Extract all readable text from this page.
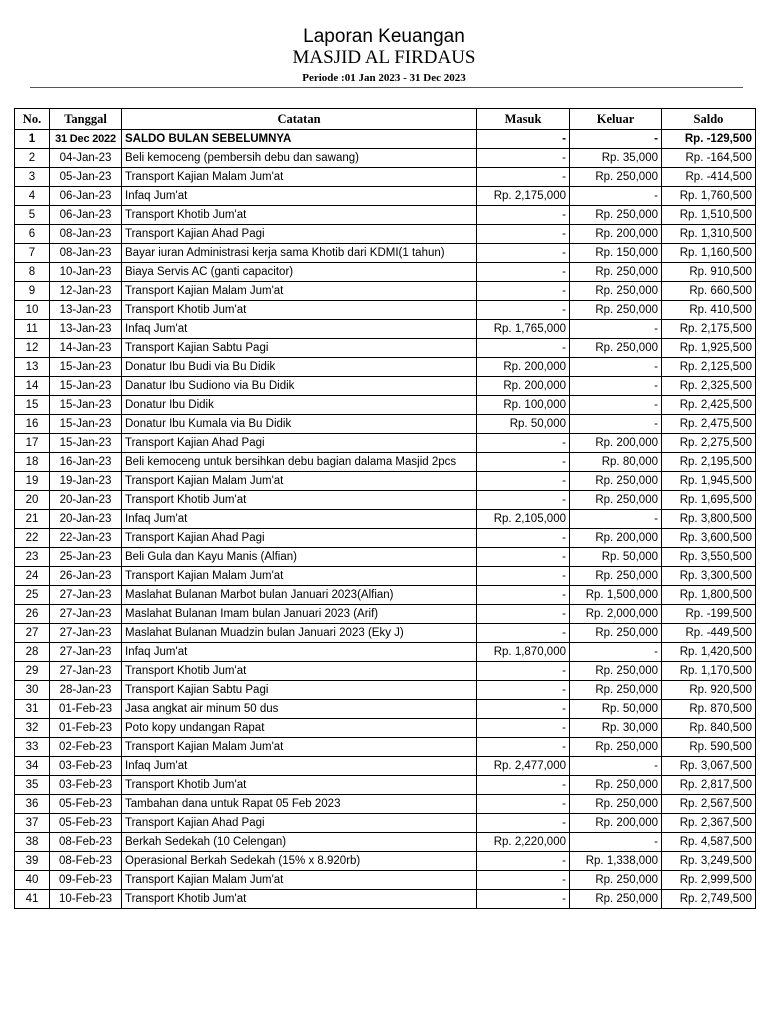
Laporan Keuangan
MASJID AL FIRDAUS
Periode :01 Jan 2023 - 31 Dec 2023
No.	Tanggal	Catatan	Masuk	Keluar	Saldo
1	31 Dec 2022	SALDO BULAN SEBELUMNYA	-	-	Rp. -129,500
2	04-Jan-23	Beli kemoceng (pembersih debu dan sawang)	-	Rp. 35,000	Rp. -164,500
3	05-Jan-23	Transport Kajian Malam Jum'at	-	Rp. 250,000	Rp. -414,500
4	06-Jan-23	Infaq Jum'at	Rp. 2,175,000	-	Rp. 1,760,500
5	06-Jan-23	Transport Khotib Jum'at	-	Rp. 250,000	Rp. 1,510,500
6	08-Jan-23	Transport Kajian Ahad Pagi	-	Rp. 200,000	Rp. 1,310,500
7	08-Jan-23	Bayar iuran Administrasi kerja sama Khotib dari KDMI(1 tahun)	-	Rp. 150,000	Rp. 1,160,500
8	10-Jan-23	Biaya Servis AC (ganti capacitor)	-	Rp. 250,000	Rp. 910,500
9	12-Jan-23	Transport Kajian Malam Jum'at	-	Rp. 250,000	Rp. 660,500
10	13-Jan-23	Transport Khotib Jum'at	-	Rp. 250,000	Rp. 410,500
11	13-Jan-23	Infaq Jum'at	Rp. 1,765,000	-	Rp. 2,175,500
12	14-Jan-23	Transport Kajian Sabtu Pagi	-	Rp. 250,000	Rp. 1,925,500
13	15-Jan-23	Donatur Ibu Budi via Bu Didik	Rp. 200,000	-	Rp. 2,125,500
14	15-Jan-23	Danatur Ibu Sudiono via Bu Didik	Rp. 200,000	-	Rp. 2,325,500
15	15-Jan-23	Donatur Ibu Didik	Rp. 100,000	-	Rp. 2,425,500
16	15-Jan-23	Donatur Ibu Kumala via Bu Didik	Rp. 50,000	-	Rp. 2,475,500
17	15-Jan-23	Transport Kajian Ahad Pagi	-	Rp. 200,000	Rp. 2,275,500
18	16-Jan-23	Beli kemoceng untuk bersihkan debu bagian dalama Masjid 2pcs	-	Rp. 80,000	Rp. 2,195,500
19	19-Jan-23	Transport Kajian Malam Jum'at	-	Rp. 250,000	Rp. 1,945,500
20	20-Jan-23	Transport Khotib Jum'at	-	Rp. 250,000	Rp. 1,695,500
21	20-Jan-23	Infaq Jum'at	Rp. 2,105,000	-	Rp. 3,800,500
22	22-Jan-23	Transport Kajian Ahad Pagi	-	Rp. 200,000	Rp. 3,600,500
23	25-Jan-23	Beli Gula dan Kayu Manis (Alfian)	-	Rp. 50,000	Rp. 3,550,500
24	26-Jan-23	Transport Kajian Malam Jum'at	-	Rp. 250,000	Rp. 3,300,500
25	27-Jan-23	Maslahat Bulanan Marbot bulan Januari 2023(Alfian)	-	Rp. 1,500,000	Rp. 1,800,500
26	27-Jan-23	Maslahat Bulanan Imam bulan Januari 2023 (Arif)	-	Rp. 2,000,000	Rp. -199,500
27	27-Jan-23	Maslahat Bulanan Muadzin bulan Januari 2023 (Eky J)	-	Rp. 250,000	Rp. -449,500
28	27-Jan-23	Infaq Jum'at	Rp. 1,870,000	-	Rp. 1,420,500
29	27-Jan-23	Transport Khotib Jum'at	-	Rp. 250,000	Rp. 1,170,500
30	28-Jan-23	Transport Kajian Sabtu Pagi	-	Rp. 250,000	Rp. 920,500
31	01-Feb-23	Jasa angkat air minum 50 dus	-	Rp. 50,000	Rp. 870,500
32	01-Feb-23	Poto kopy undangan Rapat	-	Rp. 30,000	Rp. 840,500
33	02-Feb-23	Transport Kajian Malam Jum'at	-	Rp. 250,000	Rp. 590,500
34	03-Feb-23	Infaq Jum'at	Rp. 2,477,000	-	Rp. 3,067,500
35	03-Feb-23	Transport Khotib Jum'at	-	Rp. 250,000	Rp. 2,817,500
36	05-Feb-23	Tambahan dana untuk Rapat 05 Feb 2023	-	Rp. 250,000	Rp. 2,567,500
37	05-Feb-23	Transport Kajian Ahad Pagi	-	Rp. 200,000	Rp. 2,367,500
38	08-Feb-23	Berkah Sedekah (10 Celengan)	Rp. 2,220,000	-	Rp. 4,587,500
39	08-Feb-23	Operasional Berkah Sedekah (15% x 8.920rb)	-	Rp. 1,338,000	Rp. 3,249,500
40	09-Feb-23	Transport Kajian Malam Jum'at	-	Rp. 250,000	Rp. 2,999,500
41	10-Feb-23	Transport Khotib Jum'at	-	Rp. 250,000	Rp. 2,749,500
